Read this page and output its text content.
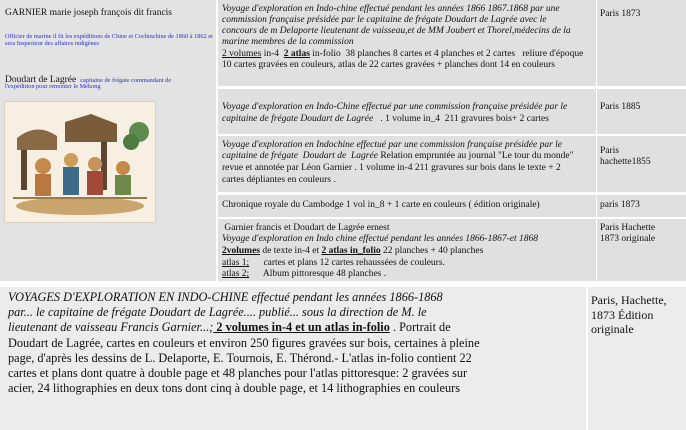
GARNIER marie joseph françois dit francis
Officier de marine il fit les expéditions de Chine et Cochinchine de 1860 à 1862 et sera Inspecteur des affaires indigènes
Doudart de Lagrée capitaine de frégate commandant de
l'expédition pour remonter le Mekong
Voyage d'exploration en Indo-chine effectué pendant les années 1866 1867.1868 par une
commission française présidée par le capitaine de frégate Doudart de Lagrée avec le
concours de m Delaporte lieutenant de vaisseau,et de MM Joubert et Thorel,médecins de la
marine membres de la commission
2 volumes in-4  2 atlas in-folio  38 planches 8 cartes et 4 planches et 2 cartes   reliure d'époque
10 cartes gravées en couleurs, atlas de 22 cartes gravées + planches dont 14 en couleurs
Voyage d'exploration en Indo-Chine effectué par une commission française présidée par le
capitaine de frégate Doudart de Lagrée   . 1 volume in_4  211 gravures bois+ 2 cartes
Voyage d'exploration en Indochine effectué par une commission française présidée par le
capitaine de frégate  Doudart de  Lagrée Relation empruntée au journal "Le tour du monde"
revue et annotée par Léon Garnier . 1 volume in-4 211 gravures sur bois dans le texte + 2
cartes dépliantes en couleurs .
Chronique royale du Cambodge 1 vol in_8 + 1 carte en couleurs ( édition originale)
Garnier francis et Doudart de Lagrée ernest
Voyage d'exploration en Indo chine effectué pendant les années 1866-1867-et 1868
2volumes de texte in-4 et 2 atlas in_folio 22 planches + 40 planches
atlas 1;      cartes et plans 12 cartes rehaussées de couleurs.
atlas 2;      Album pittoresque 48 planches .
Paris 1873
Paris 1885
Paris
hachette1855
paris 1873
Paris Hachette
1873 originale
VOYAGES D'EXPLORATION EN INDO-CHINE effectué pendant les années 1866-1868
par... le capitaine de frégate Doudart de Lagrée.... publié... sous la direction de M. le
lieutenant de vaisseau Francis Garnier...; 2 volumes in-4 et un atlas in-folio . Portrait de
Doudart de Lagrée, cartes en couleurs et environ 250 figures gravées sur bois, certaines à pleine
page, d'après les dessins de L. Delaporte, E. Tournois, E. Thérond.- L'atlas in-folio contient 22
cartes et plans dont quatre à double page et 48 planches pour l'atlas pittoresque: 2 gravées sur
acier, 24 lithographies en deux tons dont cinq à double page, et 14 lithographies en couleurs
Paris, Hachette,
1873 Édition
originale
